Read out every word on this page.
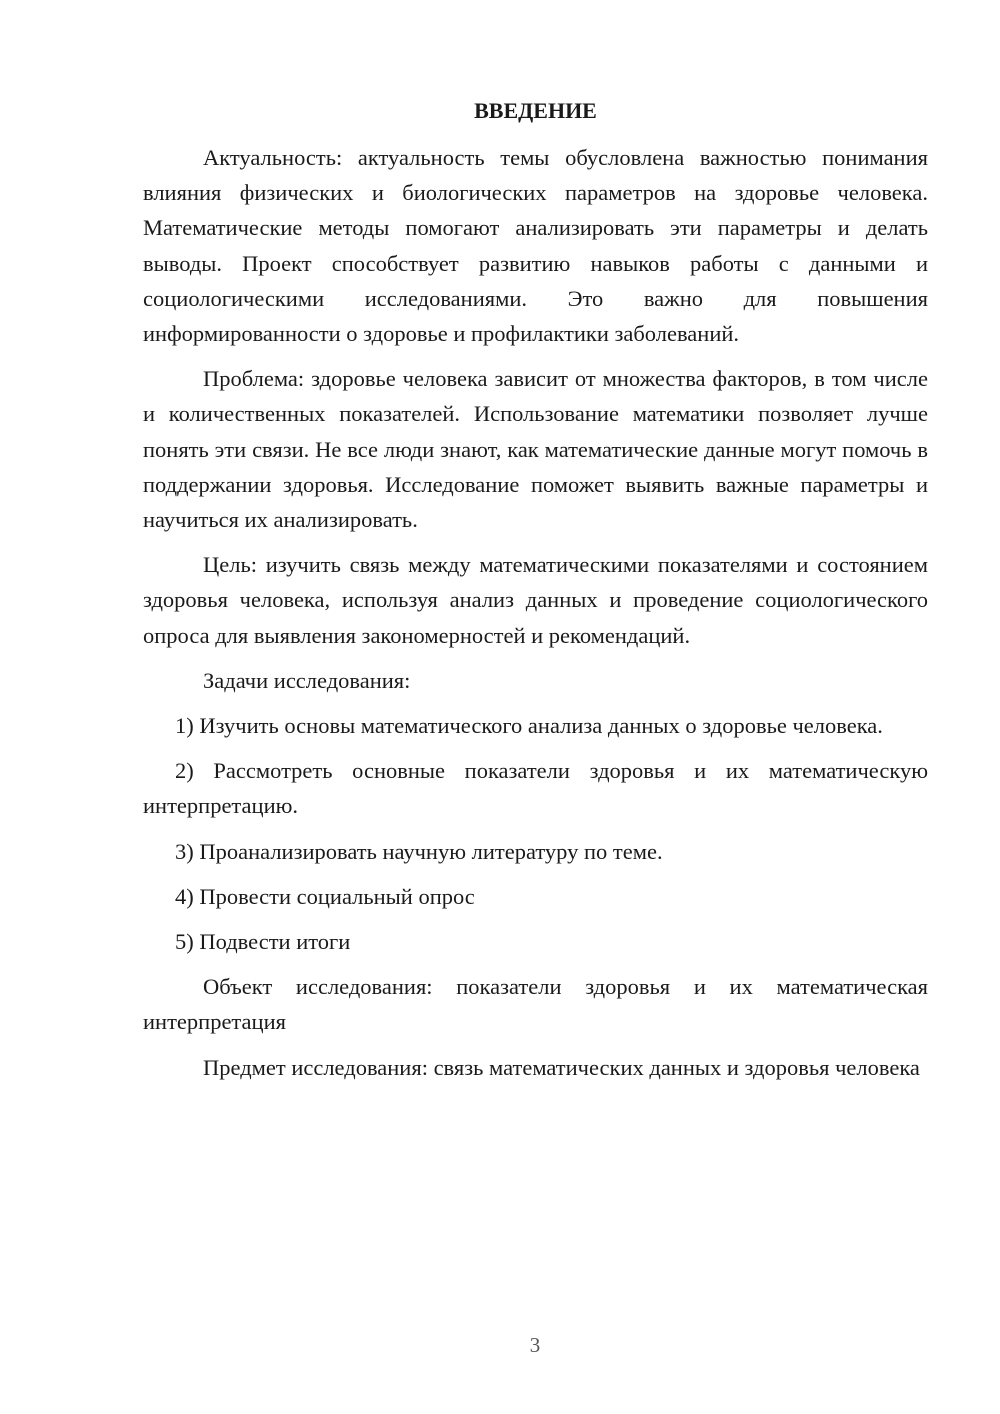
ВВЕДЕНИЕ

Актуальность: актуальность темы обусловлена важностью понимания влияния физических и биологических параметров на здоровье человека. Математические методы помогают анализировать эти параметры и делать выводы. Проект способствует развитию навыков работы с данными и социологическими исследованиями. Это важно для повышения информированности о здоровье и профилактики заболеваний.

Проблема: здоровье человека зависит от множества факторов, в том числе и количественных показателей. Использование математики позволяет лучше понять эти связи. Не все люди знают, как математические данные могут помочь в поддержании здоровья. Исследование поможет выявить важные параметры и научиться их анализировать.

Цель: изучить связь между математическими показателями и состоянием здоровья человека, используя анализ данных и проведение социологического опроса для выявления закономерностей и рекомендаций.

Задачи исследования:

1) Изучить основы математического анализа данных о здоровье человека.

2) Рассмотреть основные показатели здоровья и их математическую интерпретацию.

3) Проанализировать научную литературу по теме.

4) Провести социальный опрос

5) Подвести итоги

Объект исследования: показатели здоровья и их математическая интерпретация

Предмет исследования: связь математических данных и здоровья человека

3
